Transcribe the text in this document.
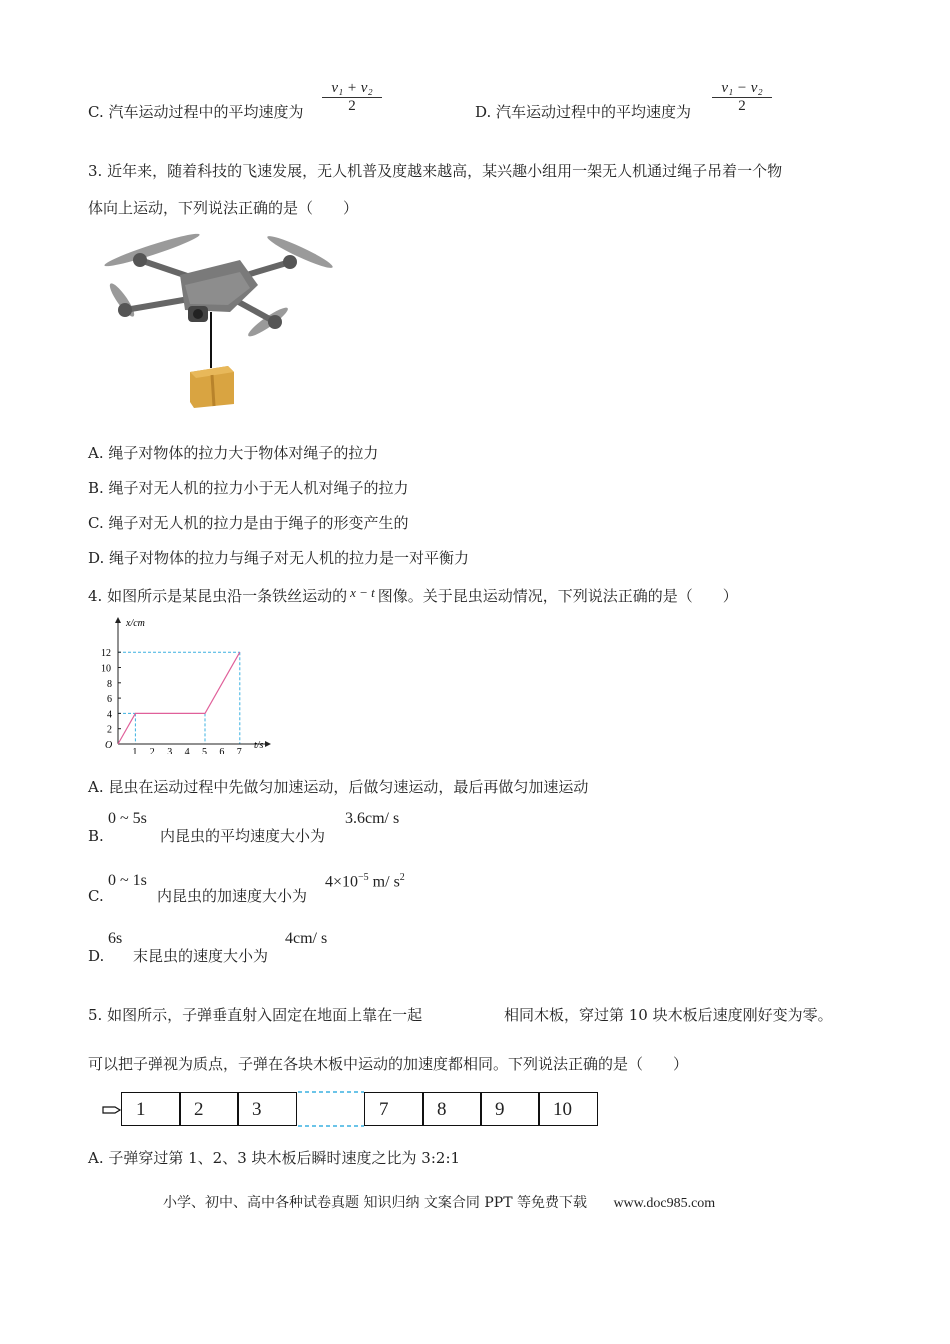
C. 汽车运动过程中的平均速度为 $\frac{\text{v₁ + v₂}}{2}$	D. 汽车运动过程中的平均速度为 $\frac{\text{v₁ − v₂}}{2}$
3. 近年来，随着科技的飞速发展，无人机普及度越来越高，某兴趣小组用一架无人机通过绳子吊着一个物
体向上运动，下列说法正确的是（　　）
A. 绳子对物体的拉力大于物体对绳子的拉力
B. 绳子对无人机的拉力小于无人机对绳子的拉力
C. 绳子对无人机的拉力是由于绳子的形变产生的
D. 绳子对物体的拉力与绳子对无人机的拉力是一对平衡力
4. 如图所示是某昆虫沿一条铁丝运动的 x − t 图像。关于昆虫运动情况，下列说法正确的是（　　）
x/cm
t/s
O
1 2 3 4 5 6 7
2
4
6
8
10
12
A. 昆虫在运动过程中先做匀加速运动，后做匀速运动，最后再做匀加速运动
B.
0 ~ 5s
内昆虫的平均速度大小为
3.6cm/ s
C.
0 ~ 1s
内昆虫的加速度大小为
$4\times 10^{-5}$ m/ $s^2$
D.
6s
末昆虫的速度大小为
4cm/ s
5. 如图所示，子弹垂直射入固定在地面上靠在一起	相同木板，穿过第 10 块木板后速度刚好变为零。
可以把子弹视为质点，子弹在各块木板中运动的加速度都相同。下列说法正确的是（　　）
1	2	3	7	8	9	10
A. 子弹穿过第 1、2、3 块木板后瞬时速度之比为 3:2:1
小学、初中、高中各种试卷真题 知识归纳 文案合同 PPT 等免费下载 www.doc985.com
